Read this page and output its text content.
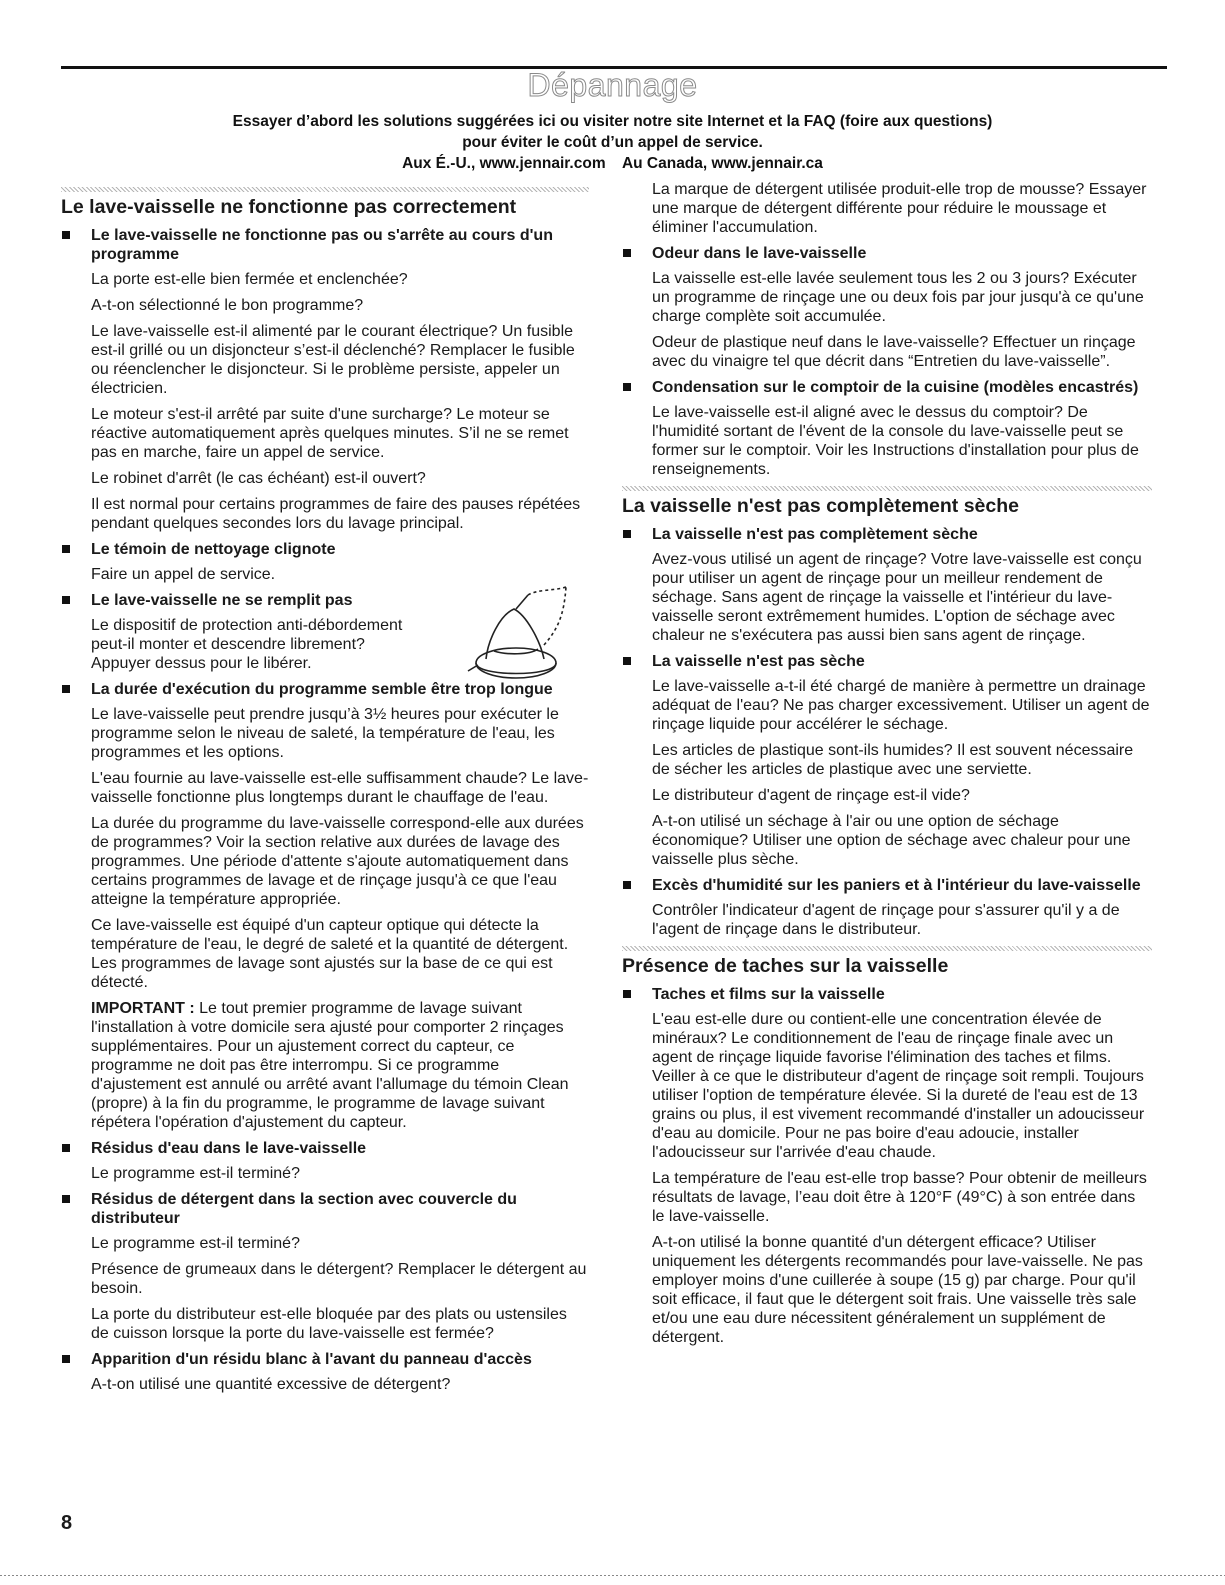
Dépannage
Essayer d’abord les solutions suggérées ici ou visiter notre site Internet et la FAQ (foire aux questions)
pour éviter le coût d’un appel de service.
Aux É.-U., www.jennair.com Au Canada, www.jennair.ca
Le lave-vaisselle ne fonctionne pas correctement
Le lave-vaisselle ne fonctionne pas ou s'arrête au cours d'un programme
La porte est-elle bien fermée et enclenchée?
A-t-on sélectionné le bon programme?
Le lave-vaisselle est-il alimenté par le courant électrique? Un fusible est-il grillé ou un disjoncteur s’est-il déclenché? Remplacer le fusible ou réenclencher le disjoncteur. Si le problème persiste, appeler un électricien.
Le moteur s'est-il arrêté par suite d'une surcharge? Le moteur se réactive automatiquement après quelques minutes. S’il ne se remet pas en marche, faire un appel de service.
Le robinet d'arrêt (le cas échéant) est-il ouvert?
Il est normal pour certains programmes de faire des pauses répétées pendant quelques secondes lors du lavage principal.
Le témoin de nettoyage clignote
Faire un appel de service.
Le lave-vaisselle ne se remplit pas
Le dispositif de protection anti-débordement peut-il monter et descendre librement? Appuyer dessus pour le libérer.
La durée d'exécution du programme semble être trop longue
Le lave-vaisselle peut prendre jusqu’à 3½ heures pour exécuter le programme selon le niveau de saleté, la température de l'eau, les programmes et les options.
L'eau fournie au lave-vaisselle est-elle suffisamment chaude? Le lave-vaisselle fonctionne plus longtemps durant le chauffage de l'eau.
La durée du programme du lave-vaisselle correspond-elle aux durées de programmes? Voir la section relative aux durées de lavage des programmes. Une période d'attente s'ajoute automatiquement dans certains programmes de lavage et de rinçage jusqu'à ce que l'eau atteigne la température appropriée.
Ce lave-vaisselle est équipé d'un capteur optique qui détecte la température de l'eau, le degré de saleté et la quantité de détergent. Les programmes de lavage sont ajustés sur la base de ce qui est détecté.
IMPORTANT : Le tout premier programme de lavage suivant l'installation à votre domicile sera ajusté pour comporter 2 rinçages supplémentaires. Pour un ajustement correct du capteur, ce programme ne doit pas être interrompu. Si ce programme d'ajustement est annulé ou arrêté avant l'allumage du témoin Clean (propre) à la fin du programme, le programme de lavage suivant répétera l'opération d'ajustement du capteur.
Résidus d'eau dans le lave-vaisselle
Le programme est-il terminé?
Résidus de détergent dans la section avec couvercle du distributeur
Le programme est-il terminé?
Présence de grumeaux dans le détergent? Remplacer le détergent au besoin.
La porte du distributeur est-elle bloquée par des plats ou ustensiles de cuisson lorsque la porte du lave-vaisselle est fermée?
Apparition d'un résidu blanc à l'avant du panneau d'accès
A-t-on utilisé une quantité excessive de détergent?
La marque de détergent utilisée produit-elle trop de mousse? Essayer une marque de détergent différente pour réduire le moussage et éliminer l'accumulation.
Odeur dans le lave-vaisselle
La vaisselle est-elle lavée seulement tous les 2 ou 3 jours? Exécuter un programme de rinçage une ou deux fois par jour jusqu'à ce qu'une charge complète soit accumulée.
Odeur de plastique neuf dans le lave-vaisselle? Effectuer un rinçage avec du vinaigre tel que décrit dans “Entretien du lave-vaisselle”.
Condensation sur le comptoir de la cuisine (modèles encastrés)
Le lave-vaisselle est-il aligné avec le dessus du comptoir? De l'humidité sortant de l'évent de la console du lave-vaisselle peut se former sur le comptoir. Voir les Instructions d'installation pour plus de renseignements.
La vaisselle n'est pas complètement sèche
La vaisselle n'est pas complètement sèche
Avez-vous utilisé un agent de rinçage? Votre lave-vaisselle est conçu pour utiliser un agent de rinçage pour un meilleur rendement de séchage. Sans agent de rinçage la vaisselle et l'intérieur du lave-vaisselle seront extrêmement humides. L'option de séchage avec chaleur ne s'exécutera pas aussi bien sans agent de rinçage.
La vaisselle n'est pas sèche
Le lave-vaisselle a-t-il été chargé de manière à permettre un drainage adéquat de l'eau? Ne pas charger excessivement. Utiliser un agent de rinçage liquide pour accélérer le séchage.
Les articles de plastique sont-ils humides? Il est souvent nécessaire de sécher les articles de plastique avec une serviette.
Le distributeur d'agent de rinçage est-il vide?
A-t-on utilisé un séchage à l'air ou une option de séchage économique? Utiliser une option de séchage avec chaleur pour une vaisselle plus sèche.
Excès d'humidité sur les paniers et à l'intérieur du lave-vaisselle
Contrôler l'indicateur d'agent de rinçage pour s'assurer qu'il y a de l'agent de rinçage dans le distributeur.
Présence de taches sur la vaisselle
Taches et films sur la vaisselle
L'eau est-elle dure ou contient-elle une concentration élevée de minéraux? Le conditionnement de l'eau de rinçage finale avec un agent de rinçage liquide favorise l'élimination des taches et films. Veiller à ce que le distributeur d'agent de rinçage soit rempli. Toujours utiliser l'option de température élevée. Si la dureté de l'eau est de 13 grains ou plus, il est vivement recommandé d'installer un adoucisseur d'eau au domicile. Pour ne pas boire d'eau adoucie, installer l'adoucisseur sur l'arrivée d'eau chaude.
La température de l'eau est-elle trop basse? Pour obtenir de meilleurs résultats de lavage, l’eau doit être à 120°F (49°C) à son entrée dans le lave-vaisselle.
A-t-on utilisé la bonne quantité d'un détergent efficace? Utiliser uniquement les détergents recommandés pour lave-vaisselle. Ne pas employer moins d'une cuillerée à soupe (15 g) par charge. Pour qu'il soit efficace, il faut que le détergent soit frais. Une vaisselle très sale et/ou une eau dure nécessitent généralement un supplément de détergent.
8
